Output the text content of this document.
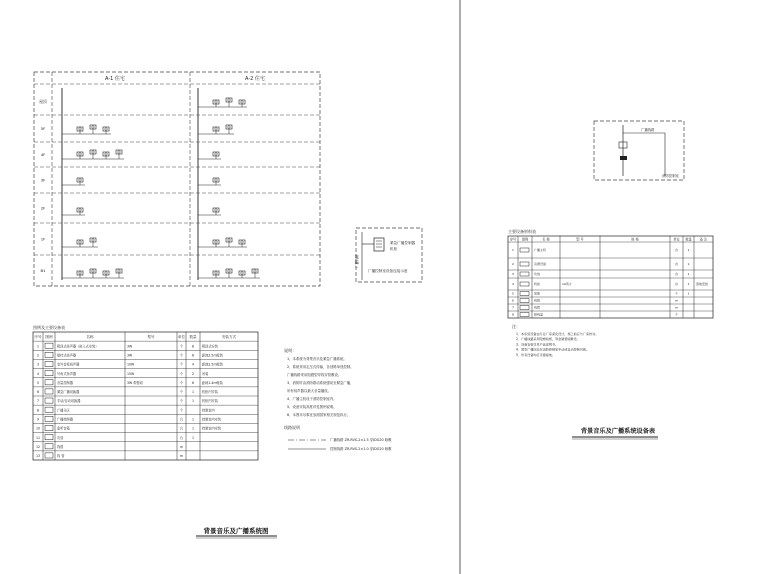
A-1 住宅	A-2 住宅
屋顶
5F
4F
3F
2F
1F
B1
紧急广播控制器
机柜
广播线路
广播控制室设备连接示意
图例及主要设备表
序号 图例	名称	型号	单位 数量	安装方式
1	吸顶式扬声器（嵌入式安装）	3W	个	8 吸顶式安装
2	壁挂式扬声器	3W	个	6 距地2.5m壁装
3	室外音柱扬声器	10W	个	4 距地2.5m壁装
4	号角式扬声器	15W	个	2 吊装
5	音量控制器	3W 带强切	个	6 距地1.4m壁装
6	紧急广播切换器	个	1 机柜内安装
7	手动/自动切换器	个	1 机柜内安装
8	广播分区	个	控制室内
9	广播控制器	台	1 控制室内安装
10	监听音箱	台	1 控制室内安装
11	功放	台	1
12	线缆	m
13	线 管	m
说明：
1、本系统为背景音乐及紧急广播系统。
2、系统采用定压式传输，各回路单独控制。
广播线路采用阻燃型导线穿管敷设。
3、消防时由消防联动系统强切至紧急广播，
所有扬声器以最大音量播放。
4、广播主机设于消防控制室内。
5、设备安装高度详见图例说明。
6、本图未尽事宜参照国家相关规范执行。
线路说明
广播线路 ZR-RVS-2×1.5 穿JDG20 暗敷
控制线路 ZR-RVS-2×1.0 穿JDG20 暗敷
背景音乐及广播系统图
广播线路
消防控制室
主要设备材料表
序号 图例	名 称	型 号	规 格	单位 数量	备 注
1	广播主机	台	1
2	音源设备	台	1
3	功放	台	1
4	机柜	19英寸	台	1 落地安装
5	话筒	个	1
6	线缆	m
7	线管	m
8	接线盒	个
注：
1、本系统设备由专业厂家深化设计，施工前应与厂家核对。
2、广播线路采用阻燃线缆，穿金属管暗敷设。
3、设备安装详见产品说明书。
4、紧急广播应能在消防控制室手动或自动控制切换。
5、所有设备均应可靠接地。
背景音乐及广播系统设备表
